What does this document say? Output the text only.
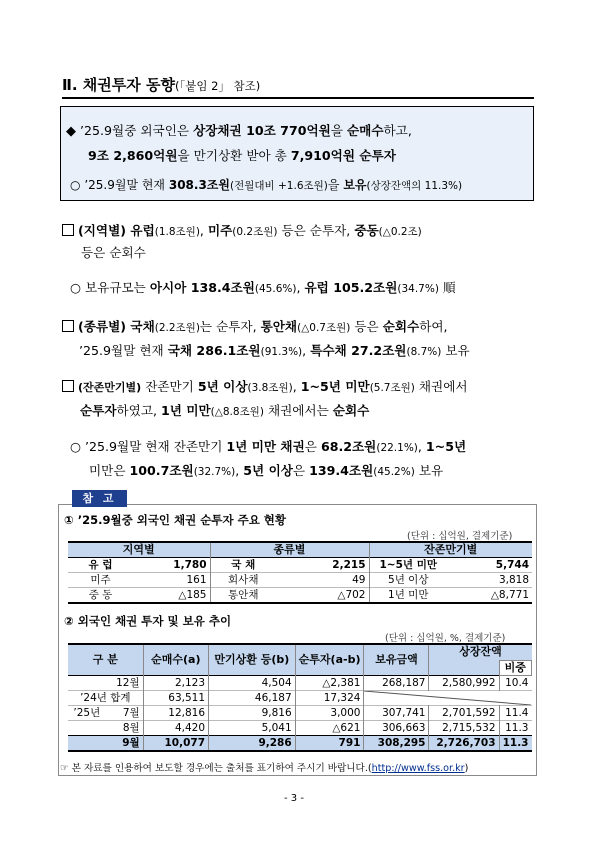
Ⅱ. 채권투자 동향(「붙임 2」 참조)
◆ ’25.9월중 외국인은 상장채권 10조 770억원을 순매수하고,
9조 2,860억원을 만기상환 받아 총 7,910억원 순투자
○ ’25.9월말 현재 308.3조원(전월대비 +1.6조원)을 보유(상장잔액의 11.3%)
(지역별) 유럽(1.8조원), 미주(0.2조원) 등은 순투자, 중동(△0.2조)
등은 순회수
○ 보유규모는 아시아 138.4조원(45.6%), 유럽 105.2조원(34.7%) 順
(종류별) 국채(2.2조원)는 순투자, 통안채(△0.7조원) 등은 순회수하여,
’25.9월말 현재 국채 286.1조원(91.3%), 특수채 27.2조원(8.7%) 보유
(잔존만기별) 잔존만기 5년 이상(3.8조원), 1~5년 미만(5.7조원) 채권에서
순투자하였고, 1년 미만(△8.8조원) 채권에서는 순회수
○ ’25.9월말 현재 잔존만기 1년 미만 채권은 68.2조원(22.1%), 1~5년
미만은 100.7조원(32.7%), 5년 이상은 139.4조원(45.2%) 보유
참 고
① ’25.9월중 외국인 채권 순투자 주요 현황
(단위 : 십억원, 결제기준)
지역별		종류별		잔존만기별	
유 럽	1,780	국 채	2,215	1~5년 미만	5,744
미주	161	회사채	49	5년 이상	3,818
중 동	△185	통안채	△702	1년 미만	△8,771
② 외국인 채권 투자 및 보유 추이
(단위 : 십억원, %, 결제기준)
구 분		순매수(a)	만기상환 등(b)	순투자(a-b)	보유금액	상장잔액	
							비중
	12월	2,123	4,504	△2,381	268,187	2,580,992	10.4
’24년 합계		63,511	46,187	17,324	

’25년	7월	12,816	9,816	3,000	307,741	2,701,592	11.4
	8월	4,420	5,041	△621	306,663	2,715,532	11.3
	9월	10,077	9,286	791	308,295	2,726,703	11.3
☞ 본 자료를 인용하여 보도할 경우에는 출처를 표기하여 주시기 바랍니다.(http://www.fss.or.kr)
- 3 -
